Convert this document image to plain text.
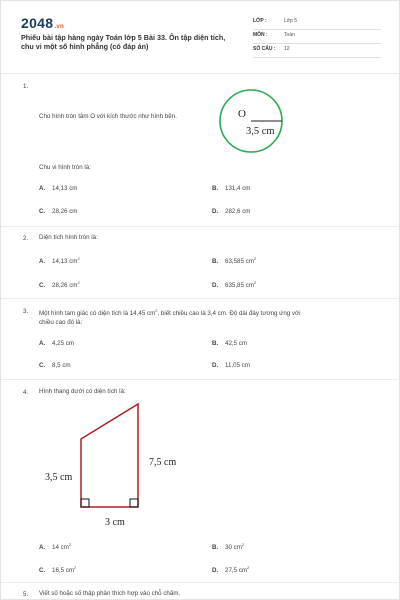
2048.vn
Phiếu bài tập hàng ngày Toán lớp 5 Bài 33. Ôn tập diện tích, chu vi một số hình phẳng (có đáp án)
LỚP :	Lớp 5
MÔN :	Toán
SỐ CÂU : 12
1.
Cho hình tròn tâm O với kích thước như hình bên.	O
3,5 cm
Chu vi hình tròn là:
A. 14,13 cm	B. 131,4 cm
C. 28,26 cm	D. 282,6 cm
2. Diện tích hình tròn là:
A. 14,13 $cm^2$	B. 63,585 $cm^2$
C. 28,26 $cm^2$	D. 635,85 $cm^2$
3. Một hình tam giác có diện tích là 14,45 $cm^2$, biết chiều cao là 3,4 cm. Độ dài đáy tương ứng với
chiều cao đó là:
A. 4,25 cm	B. 42,5 cm
C. 8,5 cm	D. 11,05 cm
4. Hình thang dưới có diện tích là:
3,5 cm
7,5 cm
3 cm
A. 14 $cm^2$	B. 30 $cm^2$
C. 16,5 $cm^2$	D. 27,5 $cm^2$
5. Viết số hoặc số thập phân thích hợp vào chỗ chấm.
